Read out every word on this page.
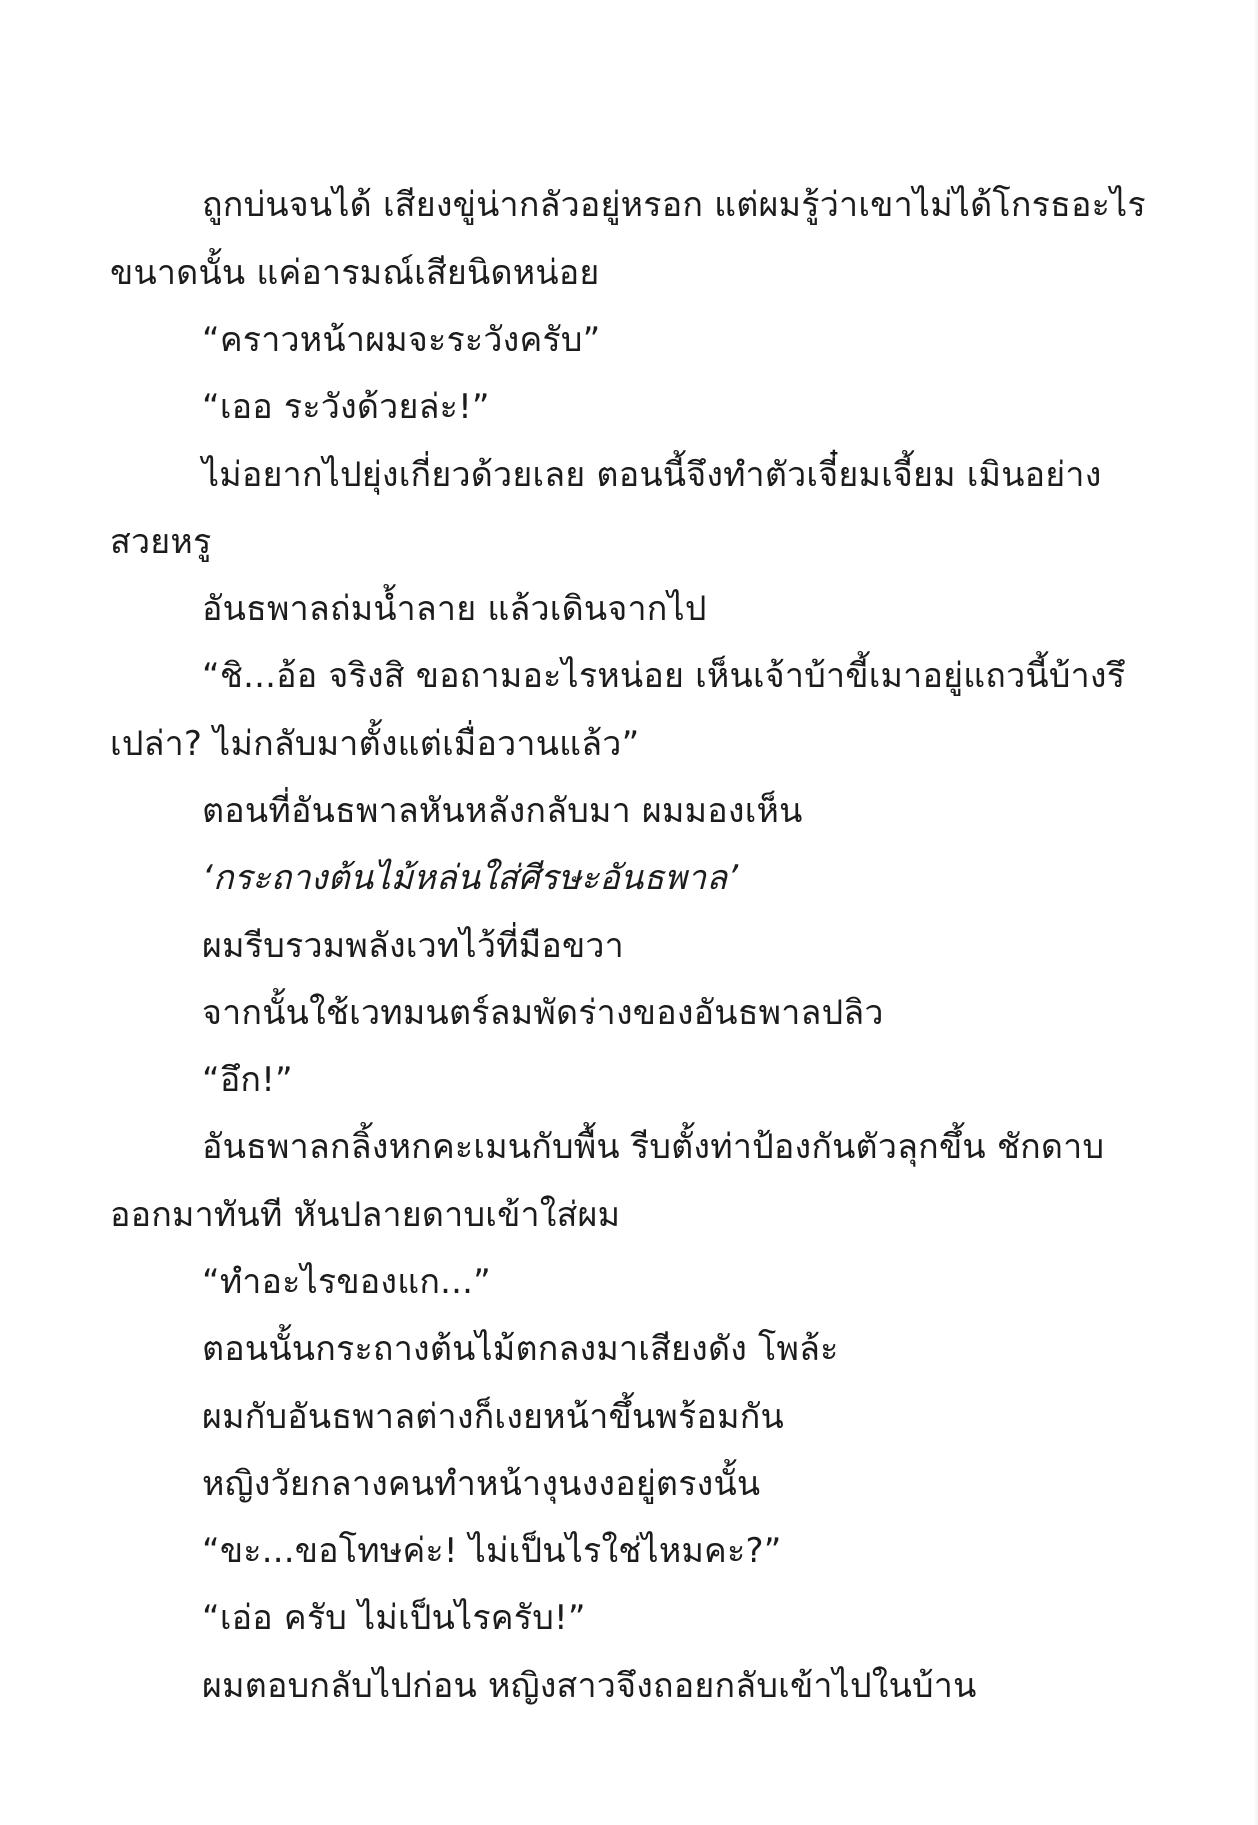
ถูกบ่นจนได้ เสียงขู่น่ากลัวอยู่หรอก แต่ผมรู้ว่าเขาไม่ได้โกรธอะไร
ขนาดนั้น แค่อารมณ์เสียนิดหน่อย
“คราวหน้าผมจะระวังครับ”
“เออ ระวังด้วยล่ะ!”
ไม่อยากไปยุ่งเกี่ยวด้วยเลย ตอนนี้จึงทำตัวเจี๋ยมเจี้ยม เมินอย่าง
สวยหรู
อันธพาลถ่มน้ำลาย แล้วเดินจากไป
“ชิ...อ้อ จริงสิ ขอถามอะไรหน่อย เห็นเจ้าบ้าขี้เมาอยู่แถวนี้บ้างรึ
เปล่า? ไม่กลับมาตั้งแต่เมื่อวานแล้ว”
ตอนที่อันธพาลหันหลังกลับมา ผมมองเห็น
‘กระถางต้นไม้หล่นใส่ศีรษะอันธพาล’
ผมรีบรวมพลังเวทไว้ที่มือขวา
จากนั้นใช้เวทมนตร์ลมพัดร่างของอันธพาลปลิว
“อึก!”
อันธพาลกลิ้งหกคะเมนกับพื้น รีบตั้งท่าป้องกันตัวลุกขึ้น ชักดาบ
ออกมาทันที หันปลายดาบเข้าใส่ผม
“ทำอะไรของแก...”
ตอนนั้นกระถางต้นไม้ตกลงมาเสียงดัง โพล้ะ
ผมกับอันธพาลต่างก็เงยหน้าขึ้นพร้อมกัน
หญิงวัยกลางคนทำหน้างุนงงอยู่ตรงนั้น
“ขะ...ขอโทษค่ะ! ไม่เป็นไรใช่ไหมคะ?”
“เอ่อ ครับ ไม่เป็นไรครับ!”
ผมตอบกลับไปก่อน หญิงสาวจึงถอยกลับเข้าไปในบ้าน
